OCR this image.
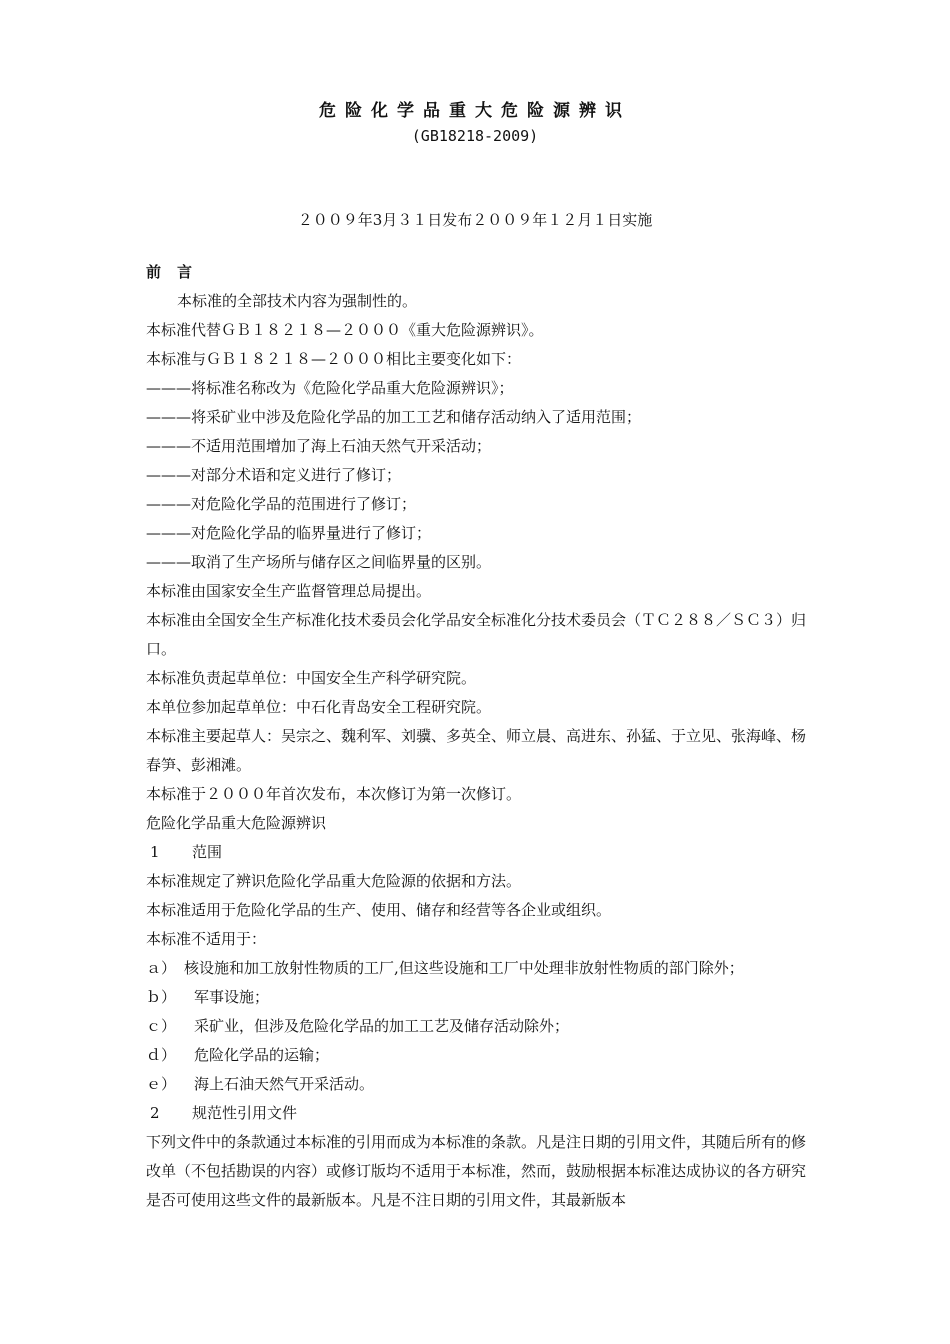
危险化学品重大危险源辨识
(GB18218-2009)
２００９年3月３１日发布２００９年１２月１日实施
前言
本标准的全部技术内容为强制性的。
本标准代替ＧＢ１８２１８—２０００《重大危险源辨识》。
本标准与ＧＢ１８２１８—２０００相比主要变化如下：
———将标准名称改为《危险化学品重大危险源辨识》；
———将采矿业中涉及危险化学品的加工工艺和储存活动纳入了适用范围；
———不适用范围增加了海上石油天然气开采活动；
———对部分术语和定义进行了修订；
———对危险化学品的范围进行了修订；
———对危险化学品的临界量进行了修订；
———取消了生产场所与储存区之间临界量的区别。
本标准由国家安全生产监督管理总局提出。
本标准由全国安全生产标准化技术委员会化学品安全标准化分技术委员会（ＴＣ２８８／ＳＣ３）归口。
本标准负责起草单位：中国安全生产科学研究院。
本单位参加起草单位：中石化青岛安全工程研究院。
本标准主要起草人：吴宗之、魏利军、刘骥、多英全、师立晨、高进东、孙猛、于立见、张海峰、杨春笋、彭湘滩。
本标准于２０００年首次发布，本次修订为第一次修订。
危险化学品重大危险源辨识
1 范围
本标准规定了辨识危险化学品重大危险源的依据和方法。
本标准适用于危险化学品的生产、使用、储存和经营等各企业或组织。
本标准不适用于：
ａ） 核设施和加工放射性物质的工厂,但这些设施和工厂中处理非放射性物质的部门除外；
ｂ） 军事设施；
ｃ） 采矿业，但涉及危险化学品的加工工艺及储存活动除外；
ｄ） 危险化学品的运输；
ｅ） 海上石油天然气开采活动。
2 规范性引用文件
下列文件中的条款通过本标准的引用而成为本标准的条款。凡是注日期的引用文件，其随后所有的修改单（不包括勘误的内容）或修订版均不适用于本标准，然而，鼓励根据本标准达成协议的各方研究是否可使用这些文件的最新版本。凡是不注日期的引用文件，其最新版本
